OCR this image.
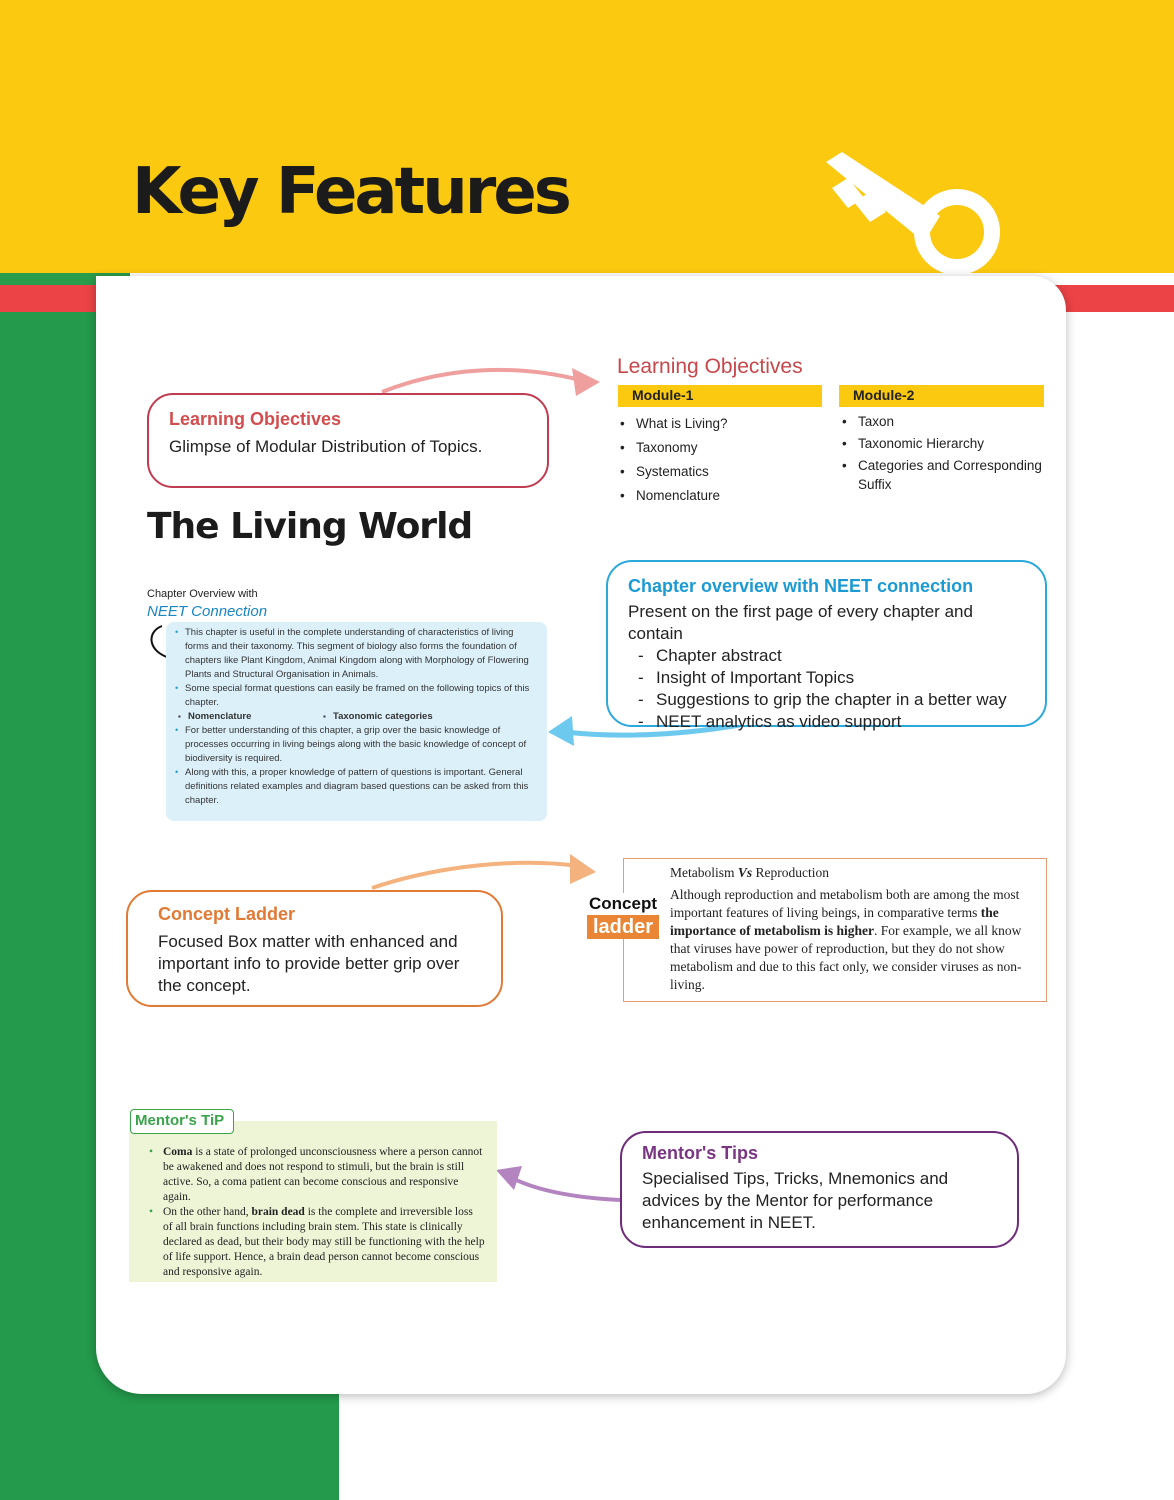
Key Features
Learning Objectives
Glimpse of Modular Distribution of Topics.
The Living World
Learning Objectives
Module-1	Module-2
• What is Living?
• Taxonomy
• Systematics
• Nomenclature
• Taxon
• Taxonomic Hierarchy
• Categories and Corresponding Suffix
Chapter Overview with
NEET Connection
• This chapter is useful in the complete understanding of characteristics of living forms and their taxonomy. This segment of biology also forms the foundation of chapters like Plant Kingdom, Animal Kingdom along with Morphology of Flowering Plants and Structural Organisation in Animals.
• Some special format questions can easily be framed on the following topics of this chapter.
▪ Nomenclature
▪	Taxonomic categories
• For better understanding of this chapter, a grip over the basic knowledge of processes occurring in living beings along with the basic knowledge of concept of biodiversity is required.
• Along with this, a proper knowledge of pattern of questions is important. General definitions related examples and diagram based questions can be asked from this chapter.
Chapter overview with NEET connection
Present on the first page of every chapter and contain
- Chapter abstract
- Insight of Important Topics
- Suggestions to grip the chapter in a better way
- NEET analytics as video support
Concept Ladder
Focused Box matter with enhanced and important info to provide better grip over the concept.
Metabolism Vs Reproduction
Although reproduction and metabolism both are among the most important features of living beings, in comparative terms the importance of metabolism is higher. For example, we all know that viruses have power of reproduction, but they do not show metabolism and due to this fact only, we consider viruses as non-living.
Concept
ladder
• Coma is a state of prolonged unconsciousness where a person cannot be awakened and does not respond to stimuli, but the brain is still active. So, a coma patient can become conscious and responsive again.
• On the other hand, brain dead is the complete and irreversible loss of all brain functions including brain stem. This state is clinically declared as dead, but their body may still be functioning with the help of life support. Hence, a brain dead person cannot become conscious and responsive again.
Mentor's TiP
Mentor's Tips
Specialised Tips, Tricks, Mnemonics and advices by the Mentor for performance enhancement in NEET.
